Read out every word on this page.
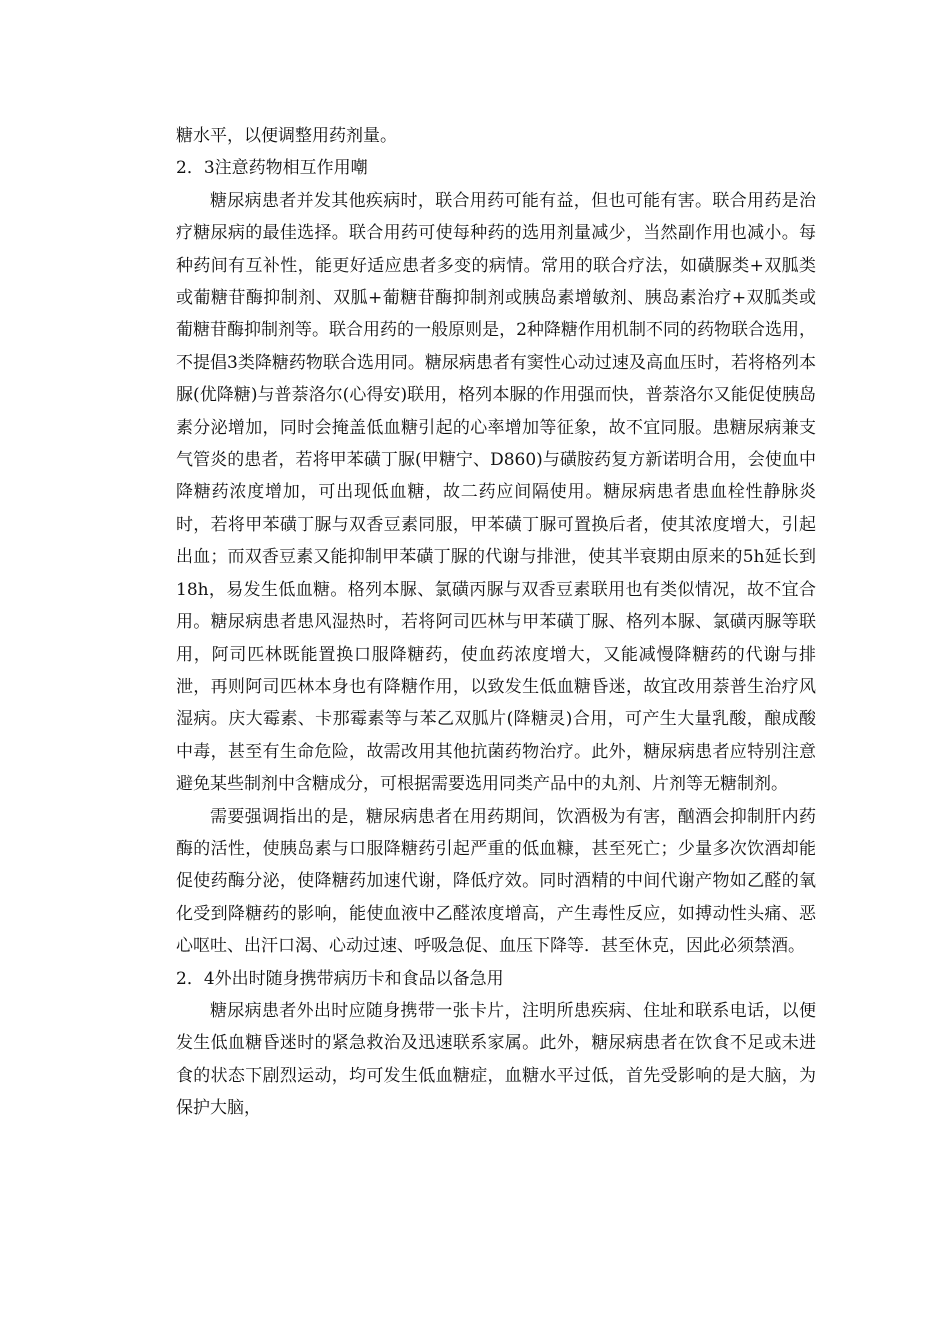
糖水平，以便调整用药剂量。

2．3注意药物相互作用嘲

糖尿病患者并发其他疾病时，联合用药可能有益，但也可能有害。联合用药是治疗糖尿病的最佳选择。联合用药可使每种药的选用剂量减少，当然副作用也减小。每种药间有互补性，能更好适应患者多变的病情。常用的联合疗法，如磺脲类+双胍类或葡糖苷酶抑制剂、双胍+葡糖苷酶抑制剂或胰岛素增敏剂、胰岛素治疗+双胍类或葡糖苷酶抑制剂等。联合用药的一般原则是，2种降糖作用机制不同的药物联合选用，不提倡3类降糖药物联合选用同。糖尿病患者有窦性心动过速及高血压时，若将格列本脲(优降糖)与普萘洛尔(心得安)联用，格列本脲的作用强而快，普萘洛尔又能促使胰岛素分泌增加，同时会掩盖低血糖引起的心率增加等征象，故不宜同服。患糖尿病兼支气管炎的患者，若将甲苯磺丁脲(甲糖宁、D860)与磺胺药复方新诺明合用，会使血中降糖药浓度增加，可出现低血糖，故二药应间隔使用。糖尿病患者患血栓性静脉炎时，若将甲苯磺丁脲与双香豆素同服，甲苯磺丁脲可置换后者，使其浓度增大，引起出血；而双香豆素又能抑制甲苯磺丁脲的代谢与排泄，使其半衰期由原来的5h延长到18h，易发生低血糖。格列本脲、氯磺丙脲与双香豆素联用也有类似情况，故不宜合用。糖尿病患者患风湿热时，若将阿司匹林与甲苯磺丁脲、格列本脲、氯磺丙脲等联用，阿司匹林既能置换口服降糖药，使血药浓度增大，又能减慢降糖药的代谢与排泄，再则阿司匹林本身也有降糖作用，以致发生低血糖昏迷，故宜改用萘普生治疗风湿病。庆大霉素、卡那霉素等与苯乙双胍片(降糖灵)合用，可产生大量乳酸，酿成酸中毒，甚至有生命危险，故需改用其他抗菌药物治疗。此外，糖尿病患者应特别注意避免某些制剂中含糖成分，可根据需要选用同类产品中的丸剂、片剂等无糖制剂。

需要强调指出的是，糖尿病患者在用药期间，饮酒极为有害，酗酒会抑制肝内药酶的活性，使胰岛素与口服降糖药引起严重的低血糠，甚至死亡；少量多次饮酒却能促使药酶分泌，使降糖药加速代谢，降低疗效。同时酒精的中间代谢产物如乙醛的氧化受到降糖药的影响，能使血液中乙醛浓度增高，产生毒性反应，如搏动性头痛、恶心呕吐、出汗口渴、心动过速、呼吸急促、血压下降等．甚至休克，因此必须禁酒。

2．4外出时随身携带病历卡和食品以备急用

糖尿病患者外出时应随身携带一张卡片，注明所患疾病、住址和联系电话，以便发生低血糖昏迷时的紧急救治及迅速联系家属。此外，糖尿病患者在饮食不足或未进食的状态下剧烈运动，均可发生低血糖症，血糖水平过低，首先受影响的是大脑，为保护大脑，
